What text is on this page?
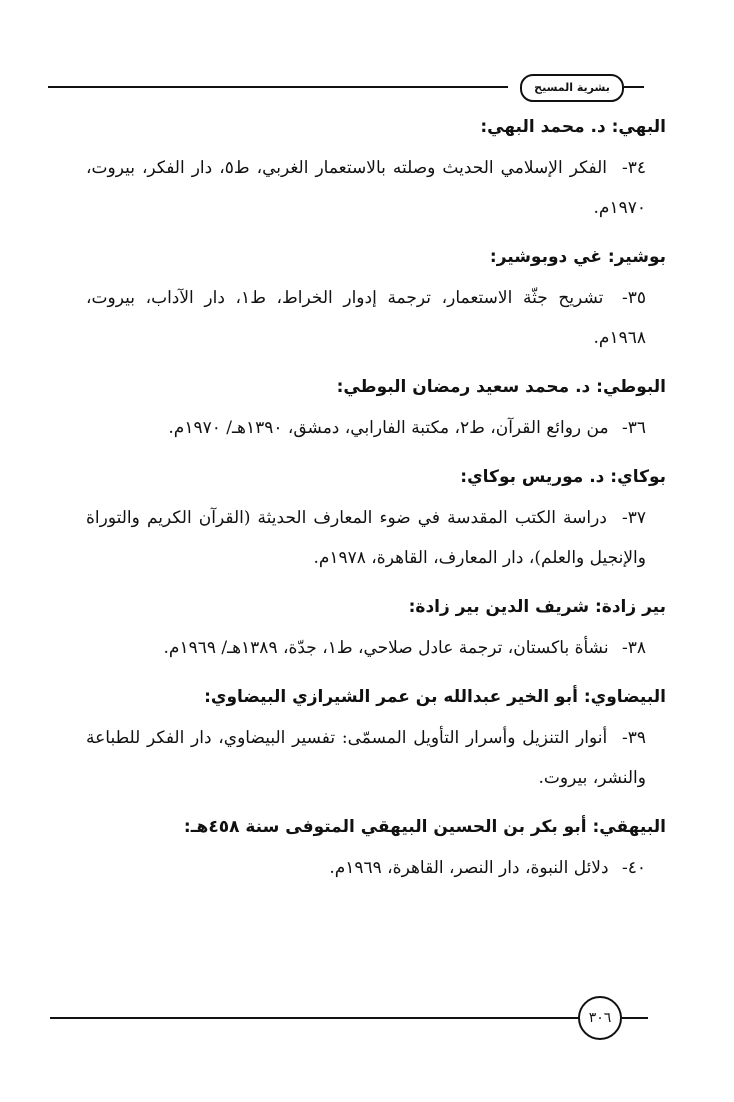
بشرية المسيح
البهي: د. محمد البهي:
٣٤- الفكر الإسلامي الحديث وصلته بالاستعمار الغربي، ط٥، دار الفكر، بيروت، ١٩٧٠م.
بوشير: غي دوبوشير:
٣٥- تشريح جثّة الاستعمار، ترجمة إدوار الخراط، ط١، دار الآداب، بيروت، ١٩٦٨م.
البوطي: د. محمد سعيد رمضان البوطي:
٣٦- من روائع القرآن، ط٢، مكتبة الفارابي، دمشق، ١٣٩٠هـ/ ١٩٧٠م.
بوكاي: د. موريس بوكاي:
٣٧- دراسة الكتب المقدسة في ضوء المعارف الحديثة (القرآن الكريم والتوراة والإنجيل والعلم)، دار المعارف، القاهرة، ١٩٧٨م.
بير زادة: شريف الدين بير زادة:
٣٨- نشأة باكستان، ترجمة عادل صلاحي، ط١، جدّة، ١٣٨٩هـ/ ١٩٦٩م.
البيضاوي: أبو الخير عبدالله بن عمر الشيرازي البيضاوي:
٣٩- أنوار التنزيل وأسرار التأويل المسمّى: تفسير البيضاوي، دار الفكر للطباعة والنشر، بيروت.
البيهقي: أبو بكر بن الحسين البيهقي المتوفى سنة ٤٥٨هـ:
٤٠- دلائل النبوة، دار النصر، القاهرة، ١٩٦٩م.
٣٠٦
